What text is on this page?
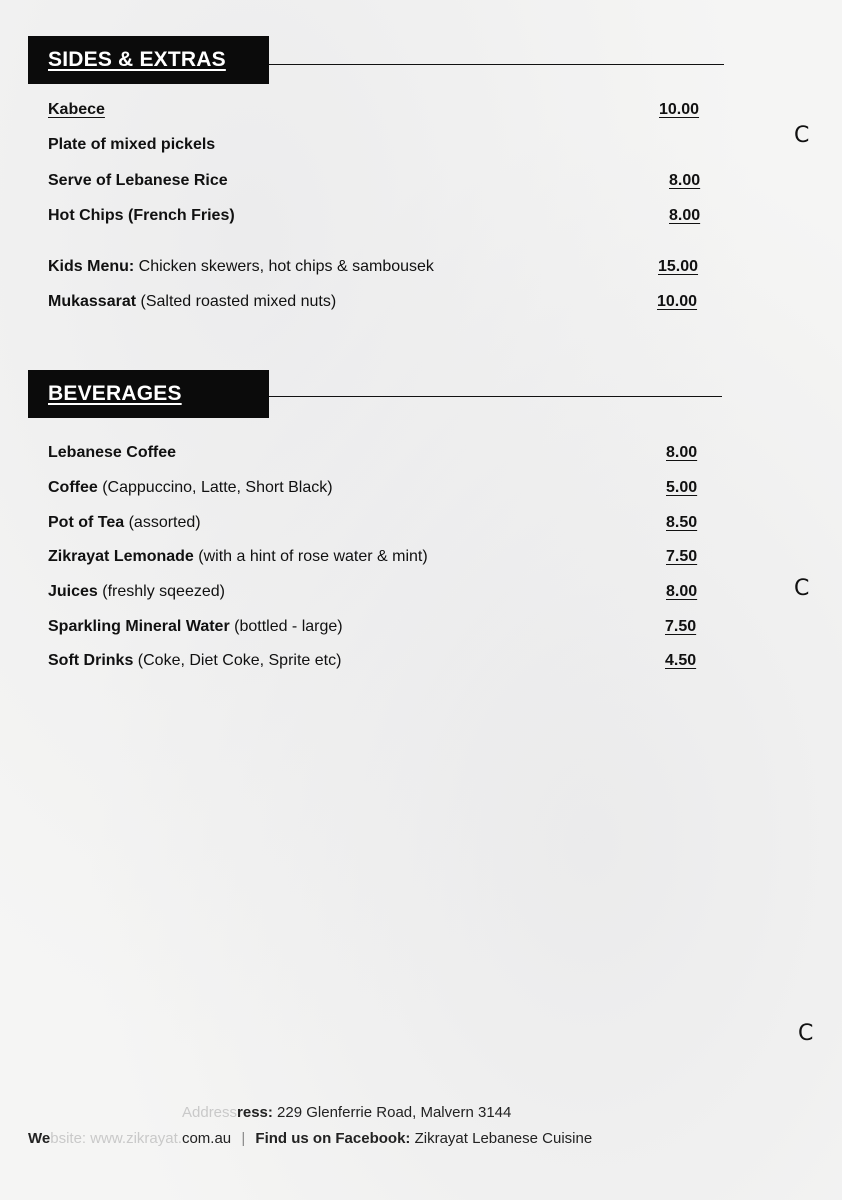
SIDES & EXTRAS
Kabece	10.00
Plate of mixed pickels
Serve of Lebanese Rice	8.00
Hot Chips (French Fries)	8.00
Kids Menu: Chicken skewers, hot chips & sambousek	15.00
Mukassarat (Salted roasted mixed nuts)	10.00
BEVERAGES
Lebanese Coffee	8.00
Coffee (Cappuccino, Latte, Short Black)	5.00
Pot of Tea (assorted)	8.50
Zikrayat Lemonade (with a hint of rose water & mint)	7.50
Juices (freshly sqeezed)	8.00
Sparkling Mineral Water (bottled - large)	7.50
Soft Drinks (Coke, Diet Coke, Sprite etc)	4.50
C
C
C
Addressress: 229 Glenferrie Road, Malvern 3144
Website: www.zikrayat.com.au | Find us on Facebook: Zikrayat Lebanese Cuisine
